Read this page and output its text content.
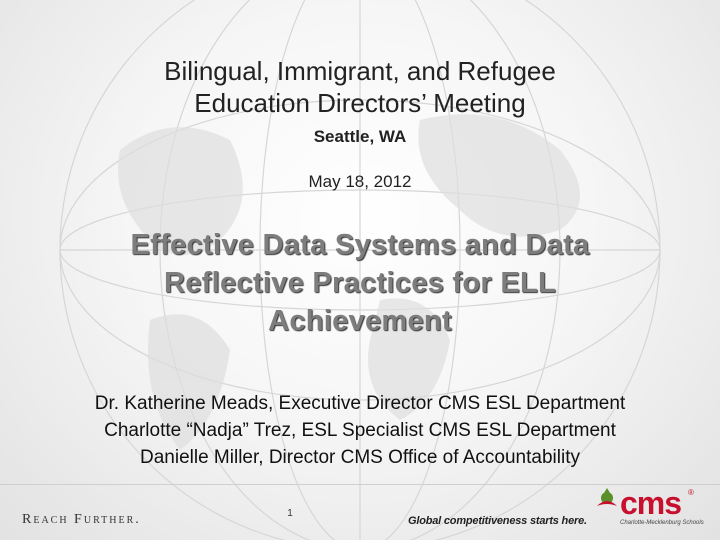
Bilingual, Immigrant, and Refugee
Education Directors’ Meeting
Seattle, WA
May 18, 2012
Effective Data Systems and Data
Reflective Practices for ELL
Achievement
Dr. Katherine Meads, Executive Director CMS ESL Department
Charlotte “Nadja” Trez, ESL Specialist CMS ESL Department
Danielle Miller, Director CMS Office of Accountability
Reach Further.	1
Global competitiveness starts here. cms ®
Charlotte-Mecklenburg Schools
